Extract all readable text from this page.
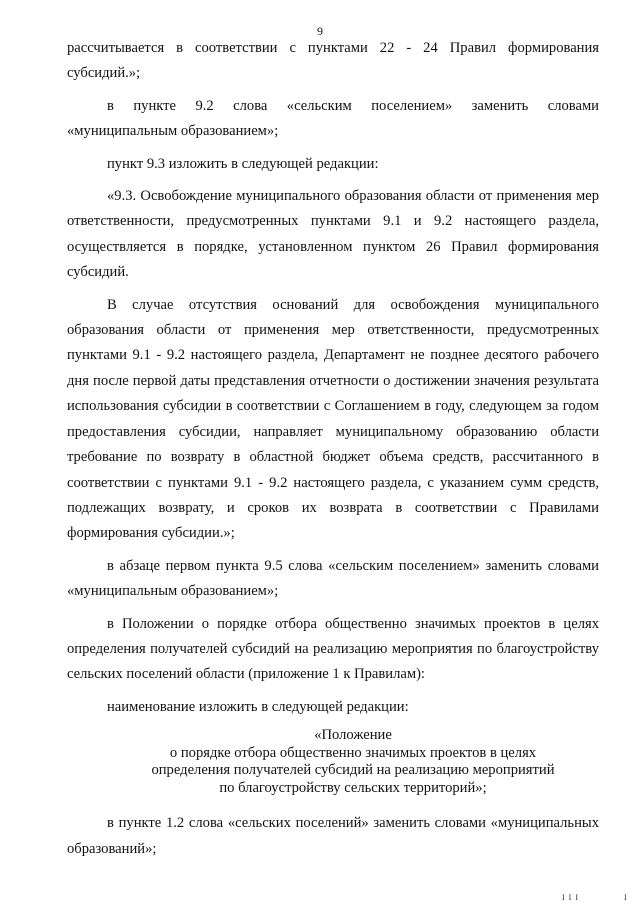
9

рассчитывается в соответствии с пунктами 22 - 24 Правил формирования субсидий.»;

в пункте 9.2 слова «сельским поселением» заменить словами «муниципальным образованием»;

пункт 9.3 изложить в следующей редакции:

«9.3. Освобождение муниципального образования области от применения мер ответственности, предусмотренных пунктами 9.1 и 9.2 настоящего раздела, осуществляется в порядке, установленном пунктом 26 Правил формирования субсидий.

В случае отсутствия оснований для освобождения муниципального образования области от применения мер ответственности, предусмотренных пунктами 9.1 - 9.2 настоящего раздела, Департамент не позднее десятого рабочего дня после первой даты представления отчетности о достижении значения результата использования субсидии в соответствии с Соглашением в году, следующем за годом предоставления субсидии, направляет муниципальному образованию области требование по возврату в областной бюджет объема средств, рассчитанного в соответствии с пунктами 9.1 - 9.2 настоящего раздела, с указанием сумм средств, подлежащих возврату, и сроков их возврата в соответствии с Правилами формирования субсидии.»;

в абзаце первом пункта 9.5 слова «сельским поселением» заменить словами «муниципальным образованием»;

в Положении о порядке отбора общественно значимых проектов в целях определения получателей субсидий на реализацию мероприятия по благоустройству сельских поселений области (приложение 1 к Правилам):

наименование изложить в следующей редакции:

«Положение
о порядке отбора общественно значимых проектов в целях
определения получателей субсидий на реализацию мероприятий
по благоустройству сельских территорий»;

в пункте 1.2 слова «сельских поселений» заменить словами «муниципальных образований»;

I I I	I
